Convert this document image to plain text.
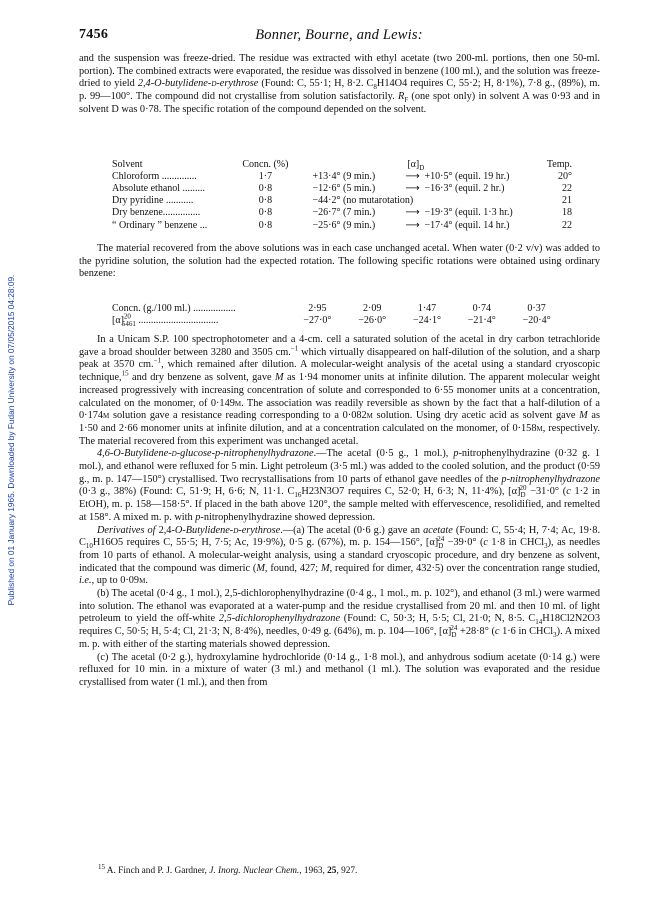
Published on 01 January 1965. Downloaded by Fudan University on 07/05/2015 04:28:09.
7456	Bonner, Bourne, and Lewis:

and the suspension was freeze-dried. The residue was extracted with ethyl acetate (two 200-ml. portions, then one 50-ml. portion). The combined extracts were evaporated, the residue was dissolved in benzene (100 ml.), and the solution was freeze-dried to yield 2,4-O-butylidene-d-erythrose (Found: C, 55·1; H, 8·2. $C_8H14O4$ requires C, 55·2; H, 8·1%), 7·8 g., (89%), m. p. 99—100°. The compound did not crystallise from solution satisfactorily. $R_F$ (one spot only) in solvent A was 0·93 and in solvent D was 0·78. The specific rotation of the compound depended on the solvent.

Solvent	Concn. (%)	$[\alpha]_D$	Temp.
Chloroform ..............	1·7	+13·4° (9 min.) ⟶ +10·5° (equil. 19 hr.)	20°
Absolute ethanol .........	0·8	−12·6° (5 min.) ⟶ −16·3° (equil. 2 hr.)	22
Dry pyridine ...........	0·8	−44·2° (no mutarotation)	21
Dry benzene...............	0·8	−26·7° (7 min.) ⟶ −19·3° (equil. 1·3 hr.)	18
“ Ordinary ” benzene ...	0·8	−25·6° (9 min.) ⟶ −17·4° (equil. 14 hr.)	22

The material recovered from the above solutions was in each case unchanged acetal. When water (0·2 v/v) was added to the pyridine solution, the solution had the expected rotation. The following specific rotations were obtained using ordinary benzene:

Concn. (g./100 ml.) .................	2·95	2·09	1·47	0·74	0·37
$[\alpha]^{20}_{5461}$ ................................	−27·0°	−26·0°	−24·1°	−21·4°	−20·4°

In a Unicam S.P. 100 spectrophotometer and a 4-cm. cell a saturated solution of the acetal in dry carbon tetrachloride gave a broad shoulder between 3280 and 3505 cm.$^{-1}$ which virtually disappeared on half-dilution of the solution, and a sharp peak at 3570 cm.$^{-1}$, which remained after dilution. A molecular-weight analysis of the acetal using a standard cryoscopic technique,$^{15}$ and dry benzene as solvent, gave M as 1·94 monomer units at infinite dilution. The apparent molecular weight increased progressively with increasing concentration of solute and corresponded to 6·55 monomer units at a concentration, calculated on the monomer, of 0·149m. The association was readily reversible as shown by the fact that a half-dilution of a 0·174m solution gave a resistance reading corresponding to a 0·082m solution. Using dry acetic acid as solvent gave M as 1·50 and 2·66 monomer units at infinite dilution, and at a concentration calculated on the monomer, of 0·158m, respectively. The material recovered from this experiment was unchanged acetal.

4,6-O-Butylidene-d-glucose-p-nitrophenylhydrazone.—The acetal (0·5 g., 1 mol.), p-nitrophenylhydrazine (0·32 g. 1 mol.), and ethanol were refluxed for 5 min. Light petroleum (3·5 ml.) was added to the cooled solution, and the product (0·59 g., m. p. 147—150°) crystallised. Two recrystallisations from 10 parts of ethanol gave needles of the p-nitrophenylhydrazone (0·3 g., 38%) (Found: C, 51·9; H, 6·6; N, 11·1. $C_{16}H23N3O7$ requires C, 52·0; H, 6·3; N, 11·4%), $[\alpha]_D^{20} -31\cdot 0^\circ$ (c 1·2 in EtOH), m. p. 158—158·5°. If placed in the bath above 120°, the sample melted with effervescence, resolidified, and remelted at 158°. A mixed m. p. with p-nitrophenylhydrazine showed depression.

Derivatives of 2,4-O-Butylidene-d-erythrose.—(a) The acetal (0·6 g.) gave an acetate (Found: C, 55·4; H, 7·4; Ac, 19·8. $C_{10}H16O5$ requires C, 55·5; H, 7·5; Ac, 19·9%), 0·5 g. (67%), m. p. 154—156°, $[\alpha]_D^{24} -39\cdot 0^\circ$ (c 1·8 in CHCl$_3$), as needles from 10 parts of ethanol. A molecular-weight analysis, using a standard cryoscopic procedure, and dry benzene as solvent, indicated that the compound was dimeric (M, found, 427; M, required for dimer, 432·5) over the concentration range studied, i.e., up to 0·09m.

(b) The acetal (0·4 g., 1 mol.), 2,5-dichlorophenylhydrazine (0·4 g., 1 mol., m. p. 102°), and ethanol (3 ml.) were warmed into solution. The ethanol was evaporated at a water-pump and the residue crystallised from 20 ml. and then 10 ml. of light petroleum to yield the off-white 2,5-dichlorophenylhydrazone (Found: C, 50·3; H, 5·5; Cl, 21·0; N, 8·5. $C_{14}H18Cl2N2O3$ requires C, 50·5; H, 5·4; Cl, 21·3; N, 8·4%), needles, 0·49 g. (64%), m. p. 104—106°, $[\alpha]_D^{24} +28\cdot 8^\circ$ (c 1·6 in CHCl$_3$). A mixed m. p. with either of the starting materials showed depression.

(c) The acetal (0·2 g.), hydroxylamine hydrochloride (0·14 g., 1·8 mol.), and anhydrous sodium acetate (0·14 g.) were refluxed for 10 min. in a mixture of water (3 ml.) and methanol (1 ml.). The solution was evaporated and the residue crystallised from water (1 ml.), and then from

$^{15}$ A. Finch and P. J. Gardner, J. Inorg. Nuclear Chem., 1963, 25, 927.
